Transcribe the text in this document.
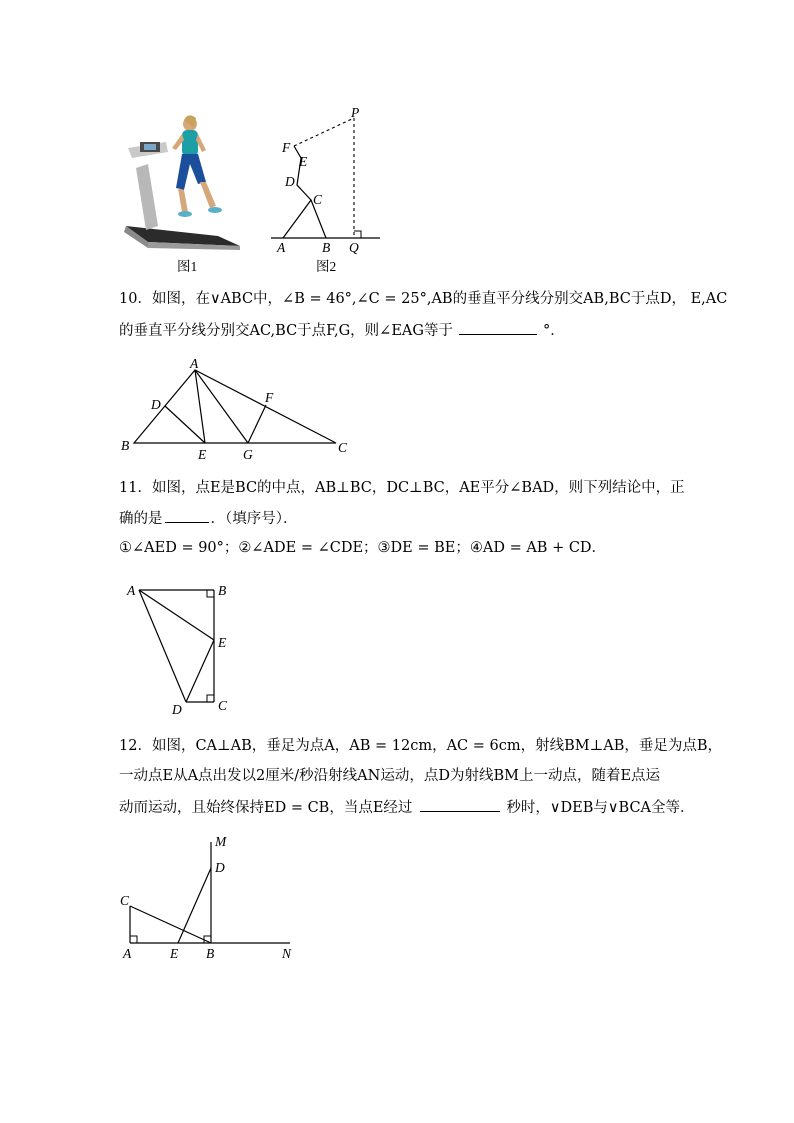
图1
P
F
E
D
C
A	B Q
图2
10．如图，在∨ABC中，∠B = 46°,∠C = 25°,AB的垂直平分线分别交AB,BC于点D， E,AC
的垂直平分线分别交AC,BC于点F,G，则∠EAG等于	°．
A
D	F
B
E	G	C
11．如图，点E是BC的中点，AB⊥BC，DC⊥BC，AE平分∠BAD，则下列结论中，正
确的是	．（填序号）．
①∠AED = 90°；②∠ADE = ∠CDE；③DE = BE；④AD = AB + CD．
A	B
E
D	C
12．如图，CA⊥AB，垂足为点A，AB = 12cm，AC = 6cm，射线BM⊥AB，垂足为点B，
一动点E从A点出发以2厘米/秒沿射线AN运动，点D为射线BM上一动点，随着E点运
动而运动，且始终保持ED = CB，当点E经过	秒时，∨DEB与∨BCA全等．
M
D
C
A	E B	N
